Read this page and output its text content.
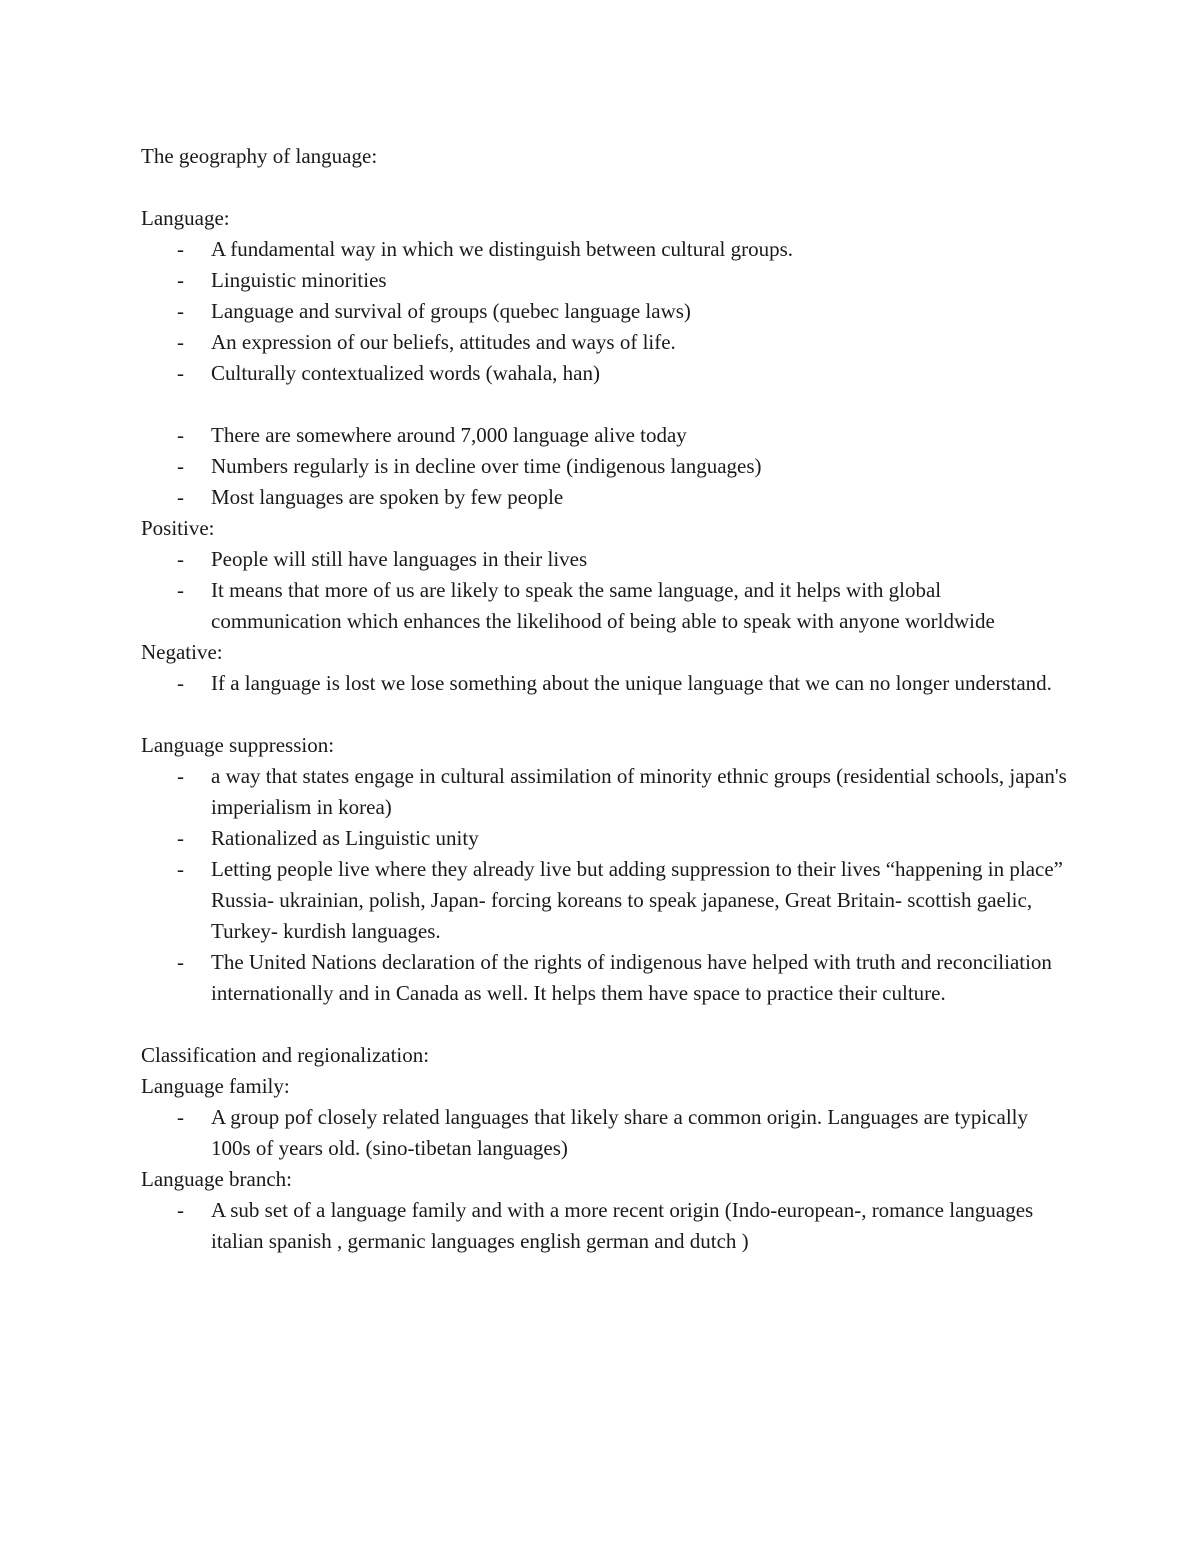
The geography of language:

Language:

- A fundamental way in which we distinguish between cultural groups.
- Linguistic minorities
- Language and survival of groups (quebec language laws)
- An expression of our beliefs, attitudes and ways of life.
- Culturally contextualized words (wahala, han)
- There are somewhere around 7,000 language alive today
- Numbers regularly is in decline over time (indigenous languages)
- Most languages are spoken by few people

Positive:

- People will still have languages in their lives
- It means that more of us are likely to speak the same language, and it helps with global communication which enhances the likelihood of being able to speak with anyone worldwide

Negative:

- If a language is lost we lose something about the unique language that we can no longer understand.

Language suppression:

- a way that states engage in cultural assimilation of minority ethnic groups (residential schools, japan's imperialism in korea)
- Rationalized as Linguistic unity
- Letting people live where they already live but adding suppression to their lives “happening in place” Russia- ukrainian, polish, Japan- forcing koreans to speak japanese, Great Britain- scottish gaelic, Turkey- kurdish languages.
- The United Nations declaration of the rights of indigenous have helped with truth and reconciliation internationally and in Canada as well. It helps them have space to practice their culture.

Classification and regionalization:

Language family:

- A group pof closely related languages that likely share a common origin. Languages are typically 100s of years old. (sino-tibetan languages)

Language branch:

- A sub set of a language family and with a more recent origin (Indo-european-, romance languages italian spanish , germanic languages english german and dutch )
